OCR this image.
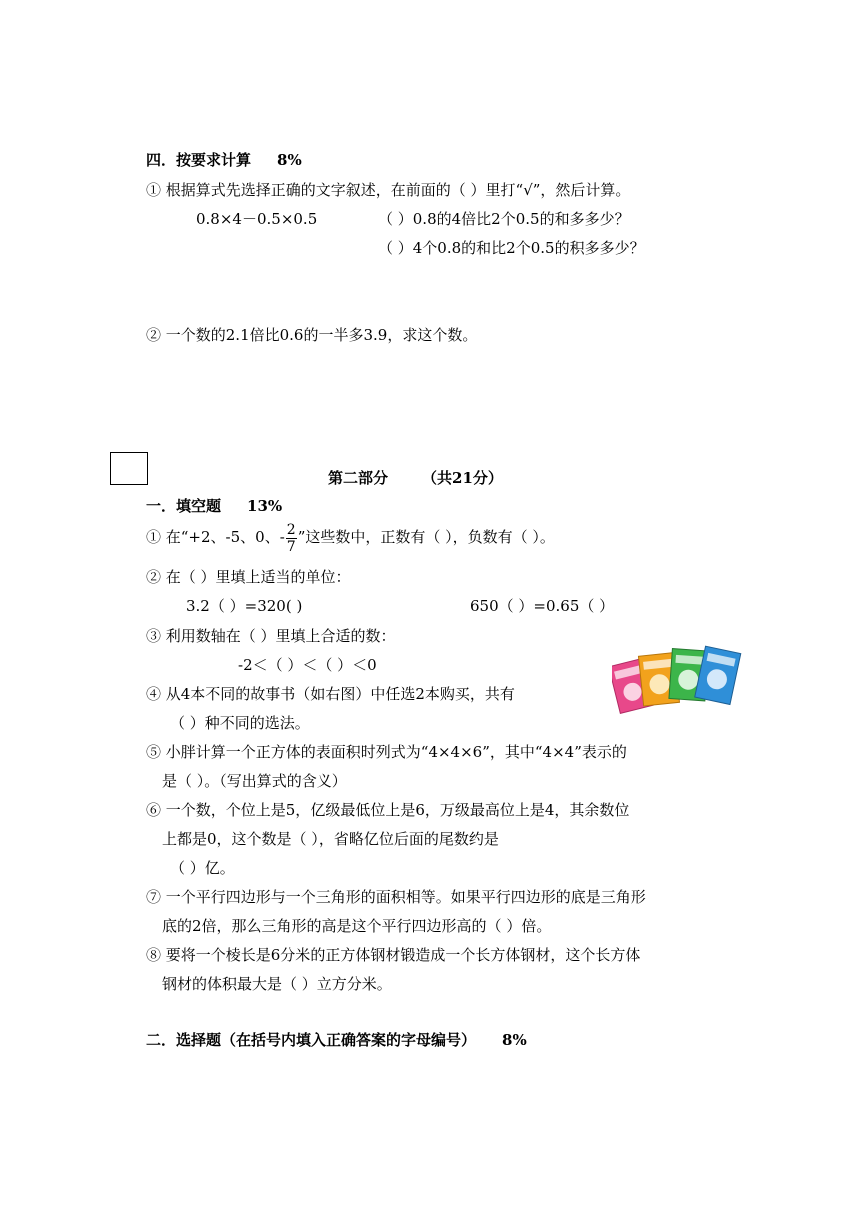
四．按要求计算 8%
① 根据算式先选择正确的文字叙述，在前面的（ ）里打“√”，然后计算。
0.8×4－0.5×0.5	（ ）0.8的4倍比2个0.5的和多多少？
（ ）4个0.8的和比2个0.5的积多多少？
② 一个数的2.1倍比0.6的一半多3.9，求这个数。
第二部分 （共21分）
一．填空题 13%
① 在“+2、-5、0、- $\frac{2}{7}$ ”这些数中，正数有（ ），负数有（ ）。
② 在（ ）里填上适当的单位：
3.2（ ）=320( )	650（ ）=0.65（ ）
③ 利用数轴在（ ）里填上合适的数：
-2＜（ ）＜（ ）＜0
④ 从4本不同的故事书（如右图）中任选2本购买，共有
（ ）种不同的选法。
⑤ 小胖计算一个正方体的表面积时列式为“4×4×6”，其中“4×4”表示的
是（ ）。（写出算式的含义）
⑥ 一个数，个位上是5，亿级最低位上是6，万级最高位上是4，其余数位
上都是0，这个数是（ ），省略亿位后面的尾数约是
（ ）亿。
⑦ 一个平行四边形与一个三角形的面积相等。如果平行四边形的底是三角形
底的2倍，那么三角形的高是这个平行四边形高的（ ）倍。
⑧ 要将一个棱长是6分米的正方体钢材锻造成一个长方体钢材，这个长方体
钢材的体积最大是（ ）立方分米。
二．选择题（在括号内填入正确答案的字母编号） 8%
